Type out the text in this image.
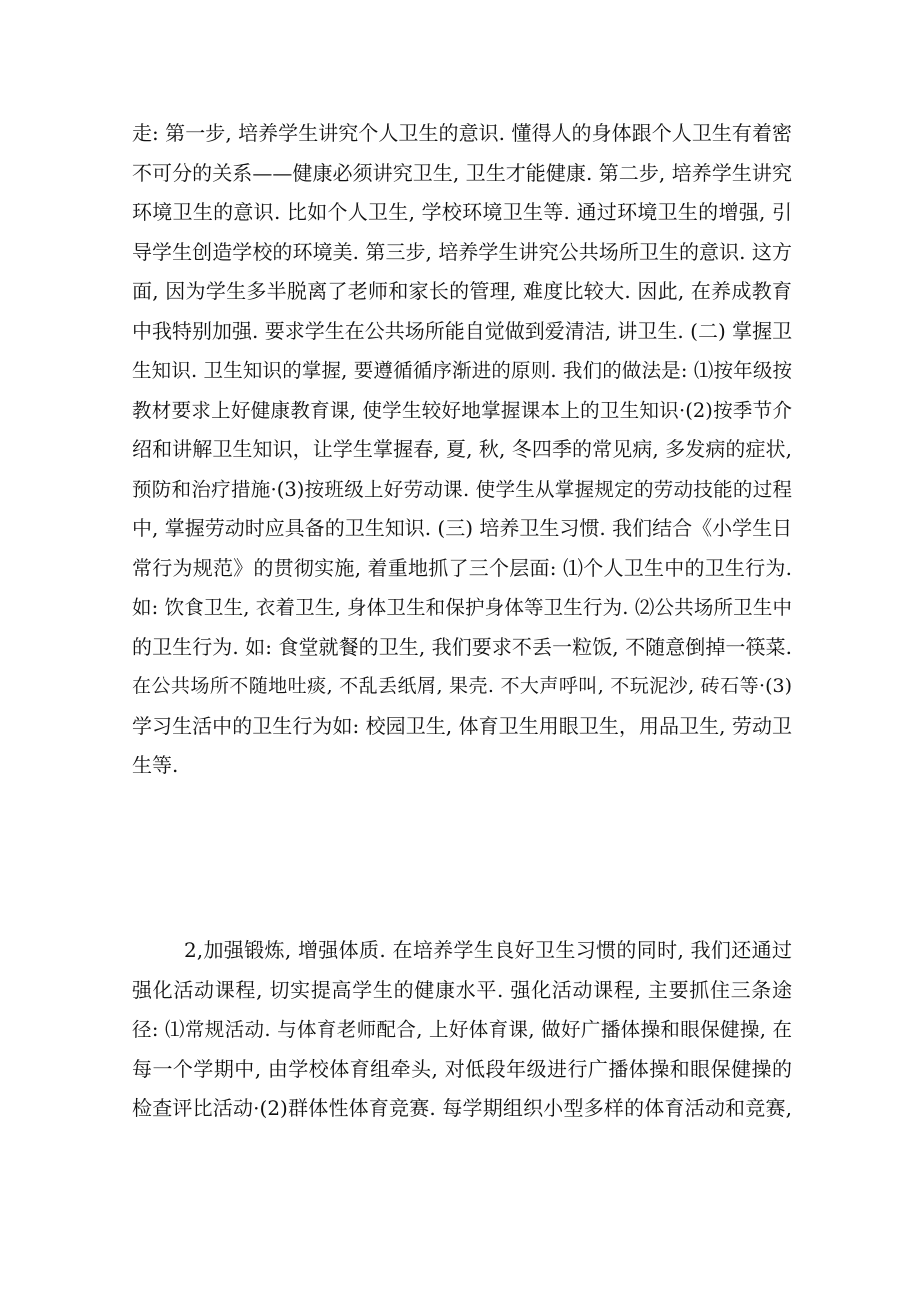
走: 第一步, 培养学生讲究个人卫生的意识. 懂得人的身体跟个人卫生有着密
不可分的关系——健康必须讲究卫生, 卫生才能健康. 第二步, 培养学生讲究
环境卫生的意识. 比如个人卫生, 学校环境卫生等. 通过环境卫生的增强, 引
导学生创造学校的环境美. 第三步, 培养学生讲究公共场所卫生的意识. 这方
面, 因为学生多半脱离了老师和家长的管理, 难度比较大. 因此, 在养成教育
中我特别加强. 要求学生在公共场所能自觉做到爱清洁, 讲卫生. (二) 掌握卫
生知识. 卫生知识的掌握, 要遵循循序渐进的原则. 我们的做法是: ⑴按年级按
教材要求上好健康教育课, 使学生较好地掌握课本上的卫生知识·(2)按季节介
绍和讲解卫生知识，让学生掌握春, 夏, 秋, 冬四季的常见病, 多发病的症状,
预防和治疗措施·(3)按班级上好劳动课. 使学生从掌握规定的劳动技能的过程
中, 掌握劳动时应具备的卫生知识. (三) 培养卫生习惯. 我们结合《小学生日
常行为规范》的贯彻实施, 着重地抓了三个层面: ⑴个人卫生中的卫生行为.
如: 饮食卫生, 衣着卫生, 身体卫生和保护身体等卫生行为. ⑵公共场所卫生中
的卫生行为. 如: 食堂就餐的卫生, 我们要求不丢一粒饭, 不随意倒掉一筷菜.
在公共场所不随地吐痰, 不乱丢纸屑, 果壳. 不大声呼叫, 不玩泥沙, 砖石等·(3)
学习生活中的卫生行为如: 校园卫生, 体育卫生用眼卫生，用品卫生, 劳动卫
生等.
2,加强锻炼, 增强体质. 在培养学生良好卫生习惯的同时, 我们还通过
强化活动课程, 切实提高学生的健康水平. 强化活动课程, 主要抓住三条途
径: ⑴常规活动. 与体育老师配合, 上好体育课, 做好广播体操和眼保健操, 在
每一个学期中, 由学校体育组牵头, 对低段年级进行广播体操和眼保健操的
检查评比活动·(2)群体性体育竞赛. 每学期组织小型多样的体育活动和竞赛,
